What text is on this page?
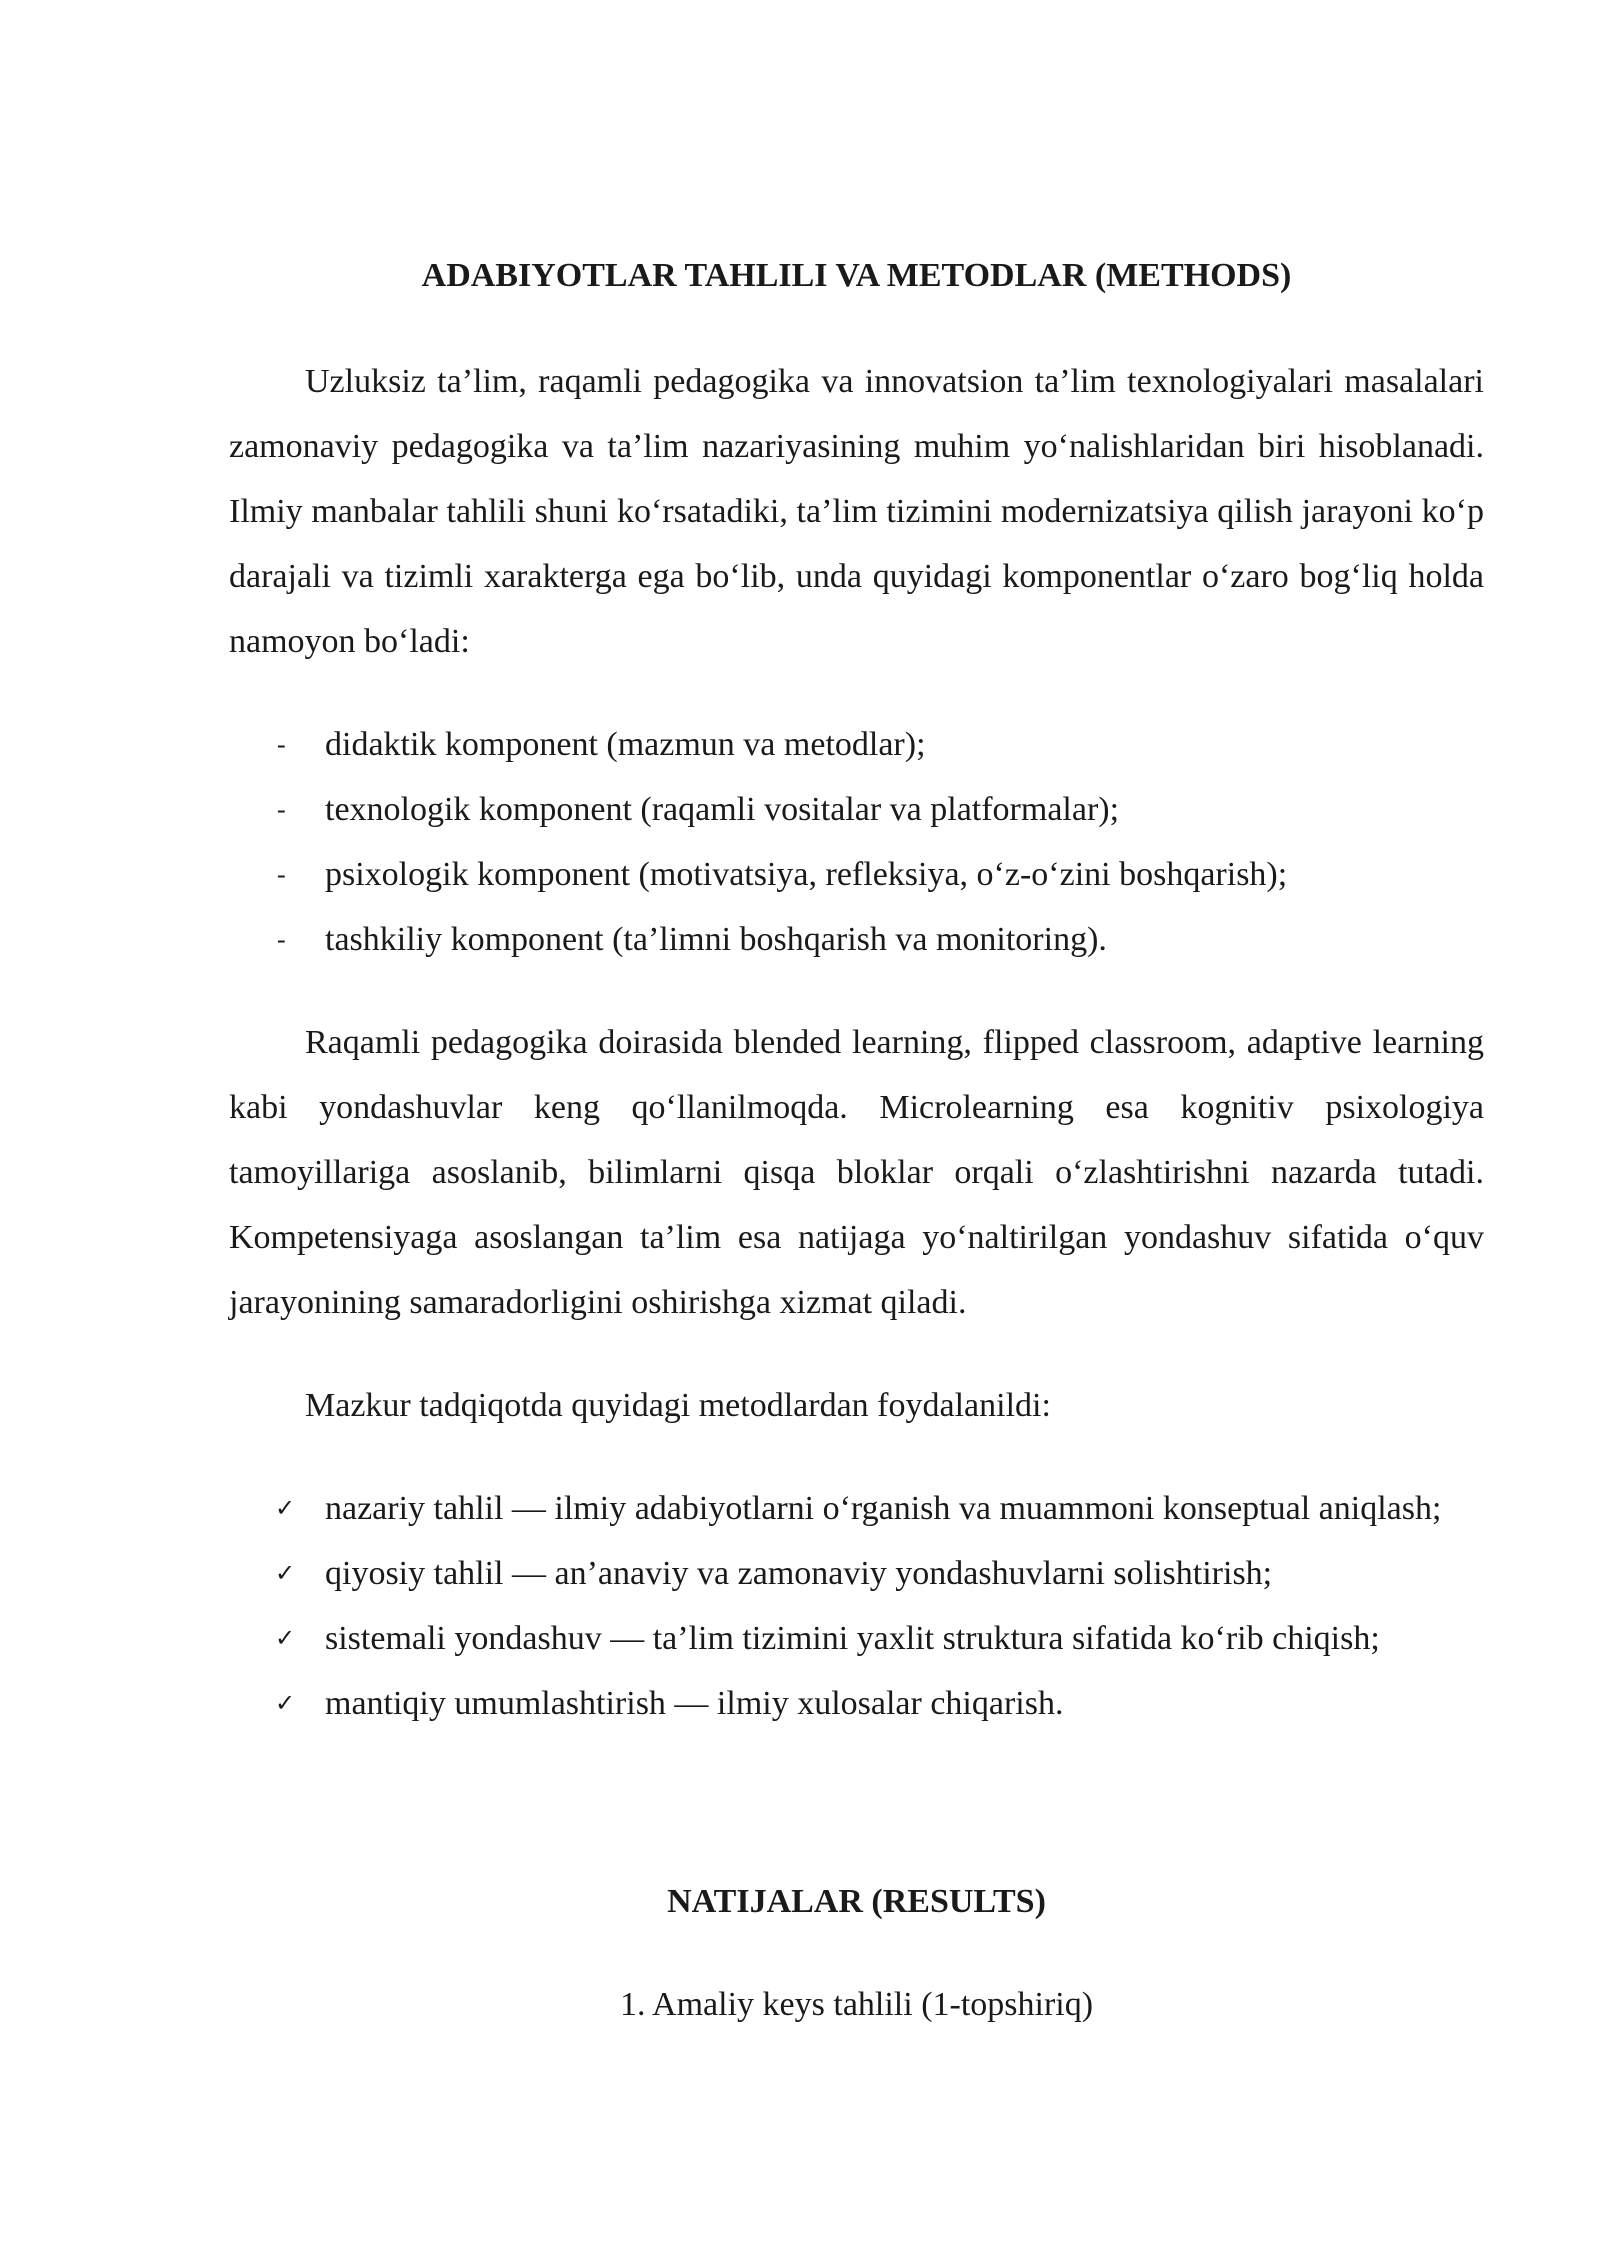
ADABIYOTLAR TAHLILI VA METODLAR (METHODS)

Uzluksiz ta’lim, raqamli pedagogika va innovatsion ta’lim texnologiyalari masalalari zamonaviy pedagogika va ta’lim nazariyasining muhim yo‘nalishlaridan biri hisoblanadi. Ilmiy manbalar tahlili shuni ko‘rsatadiki, ta’lim tizimini modernizatsiya qilish jarayoni ko‘p darajali va tizimli xarakterga ega bo‘lib, unda quyidagi komponentlar o‘zaro bog‘liq holda namoyon bo‘ladi:

- didaktik komponent (mazmun va metodlar);
- texnologik komponent (raqamli vositalar va platformalar);
- psixologik komponent (motivatsiya, refleksiya, o‘z-o‘zini boshqarish);
- tashkiliy komponent (ta’limni boshqarish va monitoring).

Raqamli pedagogika doirasida blended learning, flipped classroom, adaptive learning kabi yondashuvlar keng qo‘llanilmoqda. Microlearning esa kognitiv psixologiya tamoyillariga asoslanib, bilimlarni qisqa bloklar orqali o‘zlashtirishni nazarda tutadi. Kompetensiyaga asoslangan ta’lim esa natijaga yo‘naltirilgan yondashuv sifatida o‘quv jarayonining samaradorligini oshirishga xizmat qiladi.

Mazkur tadqiqotda quyidagi metodlardan foydalanildi:

✓ nazariy tahlil — ilmiy adabiyotlarni o‘rganish va muammoni konseptual aniqlash;
✓ qiyosiy tahlil — an’anaviy va zamonaviy yondashuvlarni solishtirish;
✓ sistemali yondashuv — ta’lim tizimini yaxlit struktura sifatida ko‘rib chiqish;
✓ mantiqiy umumlashtirish — ilmiy xulosalar chiqarish.
NATIJALAR (RESULTS)

1. Amaliy keys tahlili (1-topshiriq)
